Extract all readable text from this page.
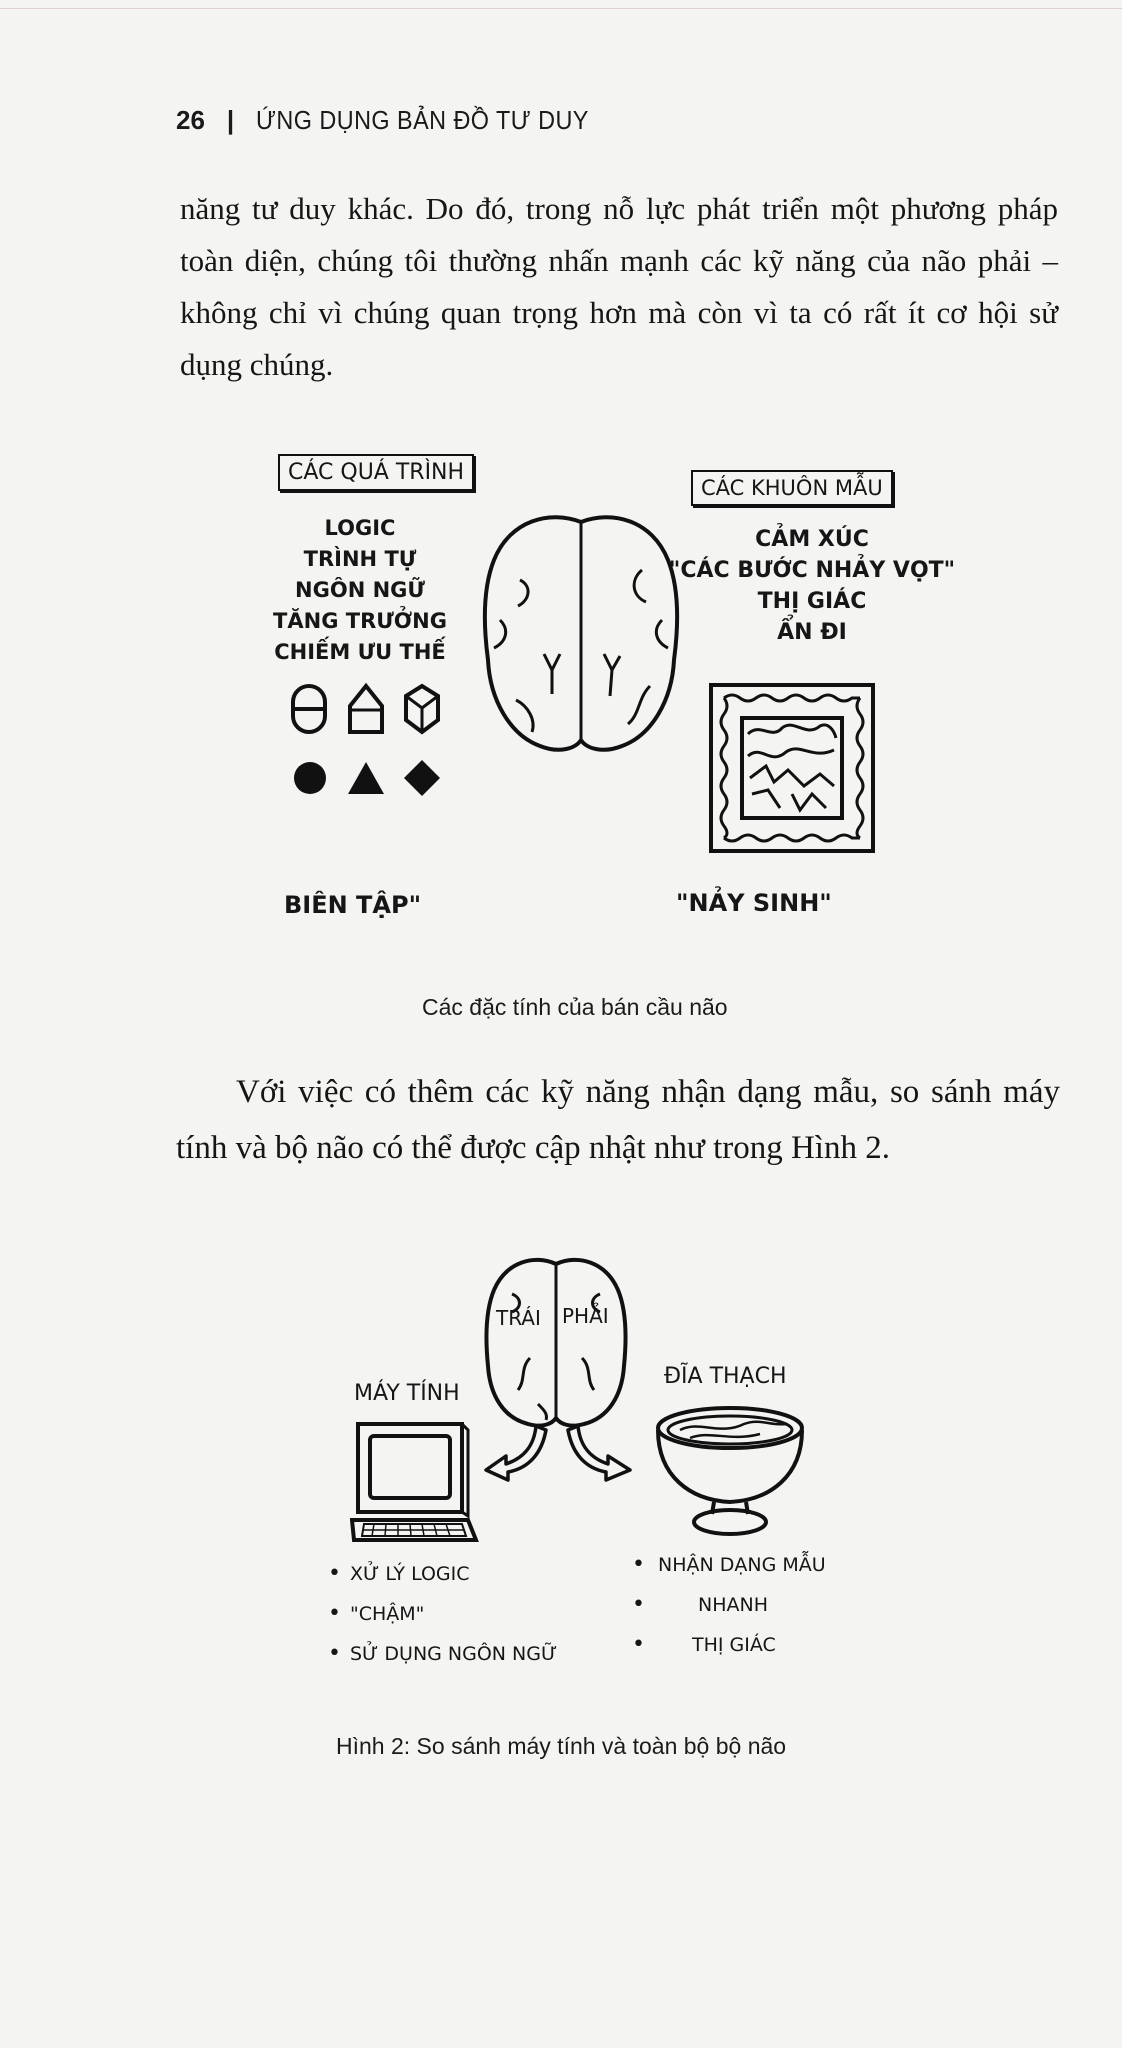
26 | ỨNG DỤNG BẢN ĐỒ TƯ DUY

năng tư duy khác. Do đó, trong nỗ lực phát triển một phương pháp toàn diện, chúng tôi thường nhấn mạnh các kỹ năng của não phải – không chỉ vì chúng quan trọng hơn mà còn vì ta có rất ít cơ hội sử dụng chúng.

CÁC QUÁ TRÌNH
LOGIC
TRÌNH TỰ
NGÔN NGỮ
TĂNG TRƯỞNG
CHIẾM ƯU THẾ
CÁC KHUÔN MẪU
CẢM XÚC
"CÁC BƯỚC NHẢY VỌT"
THỊ GIÁC
ẨN ĐI
BIÊN TẬP"	"NẢY SINH"
Các đặc tính của bán cầu não

Với việc có thêm các kỹ năng nhận dạng mẫu, so sánh máy tính và bộ não có thể được cập nhật như trong Hình 2.

TRÁI PHẢI
MÁY TÍNH
ĐĨA THẠCH
• XỬ LÝ LOGIC
• "CHẬM"
• SỬ DỤNG NGÔN NGỮ
• NHẬN DẠNG MẪU
•	NHANH
• THỊ GIÁC
Hình 2: So sánh máy tính và toàn bộ bộ não
